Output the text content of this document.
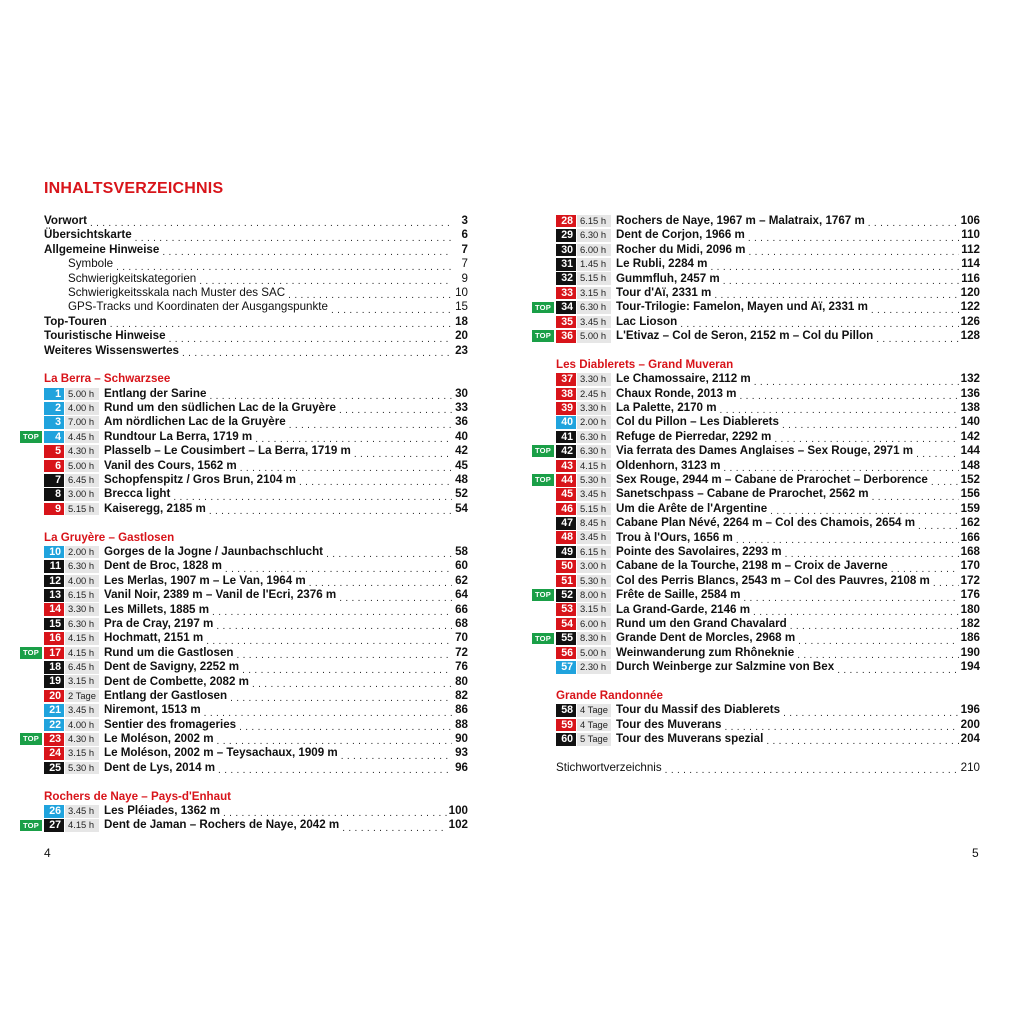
INHALTSVERZEICHNIS
Vorwort . . .	3
Übersichtskarte . . .	6
Allgemeine Hinweise . . .	7
Symbole . . .	7
Schwierigkeitskategorien . . .	9
Schwierigkeitsskala nach Muster des SAC . . .	10
GPS-Tracks und Koordinaten der Ausgangspunkte . . .	15
Top-Touren . . .	18
Touristische Hinweise . . .	20
Weiteres Wissenswertes . . .	23
La Berra – Schwarzsee
1 5.00 h Entlang der Sarine . . .	30
2 4.00 h Rund um den südlichen Lac de la Gruyère . . .	33
3 7.00 h Am nördlichen Lac de la Gruyère . . .	36
TOP	4 4.45 h Rundtour La Berra, 1719 m . . .	40
5 4.30 h Plasselb – Le Cousimbert – La Berra, 1719 m . . .	42
6 5.00 h Vanil des Cours, 1562 m . . .	45
7 6.45 h Schopfenspitz / Gros Brun, 2104 m . . .	48
8 3.00 h Brecca light . . .	52
9 5.15 h Kaiseregg, 2185 m . . .	54
La Gruyère – Gastlosen
10 2.00 h Gorges de la Jogne / Jaunbachschlucht . . .	58
11 6.30 h Dent de Broc, 1828 m . . .	60
12 4.00 h Les Merlas, 1907 m – Le Van, 1964 m . . .	62
13 6.15 h Vanil Noir, 2389 m – Vanil de l'Ecri, 2376 m . . .	64
14 3.30 h Les Millets, 1885 m . . .	66
15 6.30 h Pra de Cray, 2197 m . . .	68
16 4.15 h Hochmatt, 2151 m . . .	70
TOP 17 4.15 h Rund um die Gastlosen . . .	72
18 6.45 h Dent de Savigny, 2252 m . . .	76
19 3.15 h Dent de Combette, 2082 m . . .	80
20 2 Tage Entlang der Gastlosen . . .	82
21 3.45 h Niremont, 1513 m . . .	86
22 4.00 h Sentier des fromageries . . .	88
TOP 23 4.30 h Le Moléson, 2002 m . . .	90
24 3.15 h Le Moléson, 2002 m – Teysachaux, 1909 m . . .	93
25 5.30 h Dent de Lys, 2014 m . . .	96
Rochers de Naye – Pays-d'Enhaut
26 3.45 h Les Pléiades, 1362 m . . .	100
TOP 27 4.15 h Dent de Jaman – Rochers de Naye, 2042 m . . .	102
28 6.15 h Rochers de Naye, 1967 m – Malatraix, 1767 m . . .	106
29 6.30 h Dent de Corjon, 1966 m . . .	110
30 6.00 h Rocher du Midi, 2096 m . . .	112
31 1.45 h Le Rubli, 2284 m . . .	114
32 5.15 h Gummfluh, 2457 m . . .	116
33 3.15 h Tour d'Aï, 2331 m . . .	120
TOP 34 6.30 h Tour-Trilogie: Famelon, Mayen und Aï, 2331 m . . .	122
35 3.45 h Lac Lioson . . .	126
TOP 36 5.00 h L'Etivaz – Col de Seron, 2152 m – Col du Pillon . . .	128
Les Diablerets – Grand Muveran
37 3.30 h Le Chamossaire, 2112 m . . .	132
38 2.45 h Chaux Ronde, 2013 m . . .	136
39 3.30 h La Palette, 2170 m . . .	138
40 2.00 h Col du Pillon – Les Diablerets . . .	140
41 6.30 h Refuge de Pierredar, 2292 m . . .	142
TOP 42 6.30 h Via ferrata des Dames Anglaises – Sex Rouge, 2971 m . . .	144
43 4.15 h Oldenhorn, 3123 m . . .	148
TOP 44 5.30 h Sex Rouge, 2944 m – Cabane de Prarochet – Derborence . . .	152
45 3.45 h Sanetschpass – Cabane de Prarochet, 2562 m . . .	156
46 5.15 h Um die Arête de l'Argentine . . .	159
47 8.45 h Cabane Plan Névé, 2264 m – Col des Chamois, 2654 m . . .	162
48 3.45 h Trou à l'Ours, 1656 m . . .	166
49 6.15 h Pointe des Savolaires, 2293 m . . .	168
50 3.00 h Cabane de la Tourche, 2198 m – Croix de Javerne . . .	170
51 5.30 h Col des Perris Blancs, 2543 m – Col des Pauvres, 2108 m . . .	172
TOP 52 8.00 h Frête de Saille, 2584 m . . .	176
53 3.15 h La Grand-Garde, 2146 m . . .	180
54 6.00 h Rund um den Grand Chavalard . . .	182
TOP 55 8.30 h Grande Dent de Morcles, 2968 m . . .	186
56 5.00 h Weinwanderung zum Rhôneknie . . .	190
57 2.30 h Durch Weinberge zur Salzmine von Bex . . .	194
Grande Randonnée
58 4 Tage Tour du Massif des Diablerets . . .	196
59 4 Tage Tour des Muverans . . .	200
60 5 Tage Tour des Muverans spezial . . .	204
Stichwortverzeichnis . . .	210
4	5
